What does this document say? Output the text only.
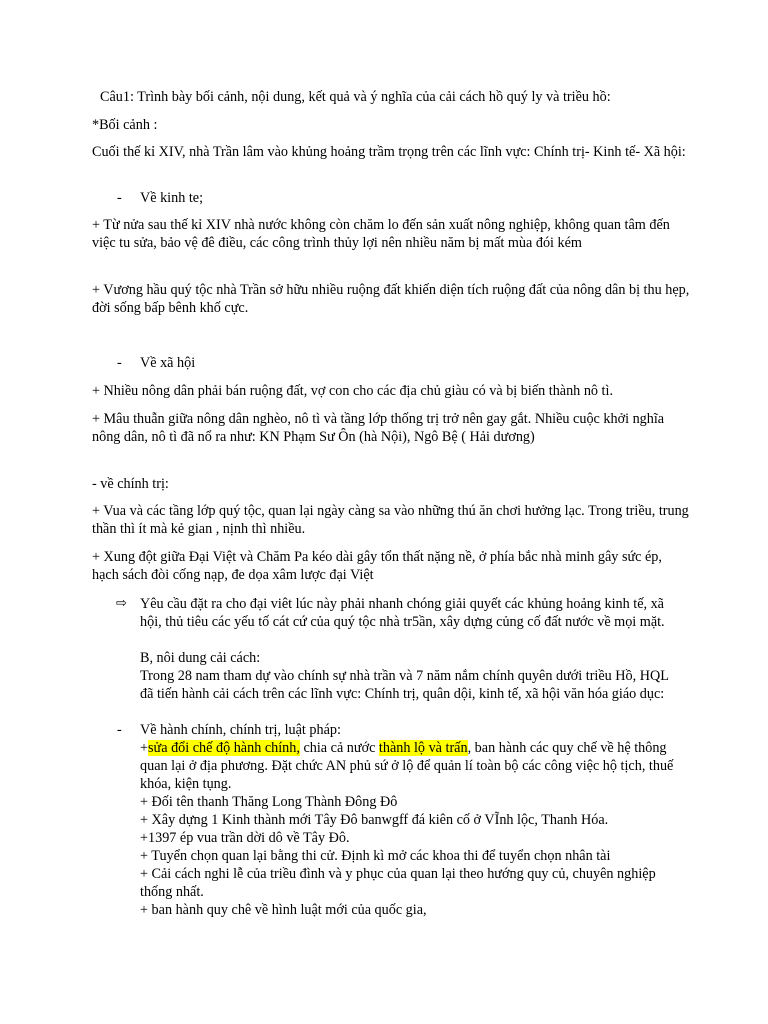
Câu1: Trình bày bối cảnh, nội dung, kết quả và ý nghĩa của cải cách hồ quý ly và triều hồ:

*Bối cảnh :

Cuối thế kỉ XIV, nhà Trần lâm vào khủng hoảng trầm trọng trên các lĩnh vực: Chính trị- Kinh tế- Xã hội:

- Về kinh te;

+ Từ nửa sau thế kỉ XIV nhà nước không còn chăm lo đến sản xuất nông nghiệp, không quan tâm đến việc tu sửa, bảo vệ đê điều, các công trình thủy lợi nên nhiều năm bị mất mùa đói kém

+ Vương hầu quý tộc nhà Trần sở hữu nhiều ruộng đất khiến diện tích ruộng đất của nông dân bị thu hẹp, đời sống bấp bênh khố cực.

- Về xã hội

+ Nhiều nông dân phải bán ruộng đất, vợ con cho các địa chủ giàu có và bị biến thành nô tì.

+ Mâu thuẫn giữa nông dân nghèo, nô tì và tầng lớp thống trị trở nên gay gắt. Nhiều cuộc khởi nghĩa nông dân, nô tì đã nổ ra như: KN Phạm Sư Ôn (hà Nội), Ngô Bệ ( Hải dương)

- về chính trị:

+ Vua và các tầng lớp quý tộc, quan lại ngày càng sa vào những thú ăn chơi hưởng lạc. Trong triều, trung thần thì ít mà kẻ gian , nịnh thì nhiều.

+ Xung đột giữa Đại Việt và Chăm Pa kéo dài gây tổn thất nặng nề, ở phía bắc nhà minh gây sức ép, hạch sách đòi cống nạp, đe dọa xâm lược đại Việt

⇨ Yêu cầu đặt ra cho đại viêt lúc này phải nhanh chóng giải quyết các khủng hoảng kinh tế, xã hội, thủ tiêu các yếu tố cát cứ của quý tộc nhà tr5ần, xây dựng củng cố đất nước về mọi mặt.

B, nôi dung cải cách:

Trong 28 nam tham dự vào chính sự nhà trần và 7 năm nắm chính quyên dưới triều Hồ, HQL đã tiến hành cải cách trên các lĩnh vực: Chính trị, quân dội, kinh tế, xã hội văn hóa giáo dục:

- Về hành chính, chính trị, luật pháp:

+sửa đổi chế độ hành chính, chia cả nước thành lộ và trấn, ban hành các quy chế về hệ thông quan lại ở địa phương. Đặt chức AN phủ sứ ở lộ để quản lí toàn bộ các công việc hộ tịch, thuế khóa, kiện tụng.

+ Đối tên thanh Thăng Long Thành Đông Đô

+ Xây dựng 1 Kinh thành mới Tây Đô banwgff đá kiên cố ở VĨnh lộc, Thanh Hóa.

+1397 ép vua trần dời dô về Tây Đô.

+ Tuyển chọn quan lại bằng thi cử. Định kì mở các khoa thi để tuyển chọn nhân tài

+ Cải cách nghi lễ của triều đình và y phục của quan lại theo hướng quy củ, chuyên nghiệp thống nhất.

+ ban hành quy chê về hình luật mới của quốc gia,
